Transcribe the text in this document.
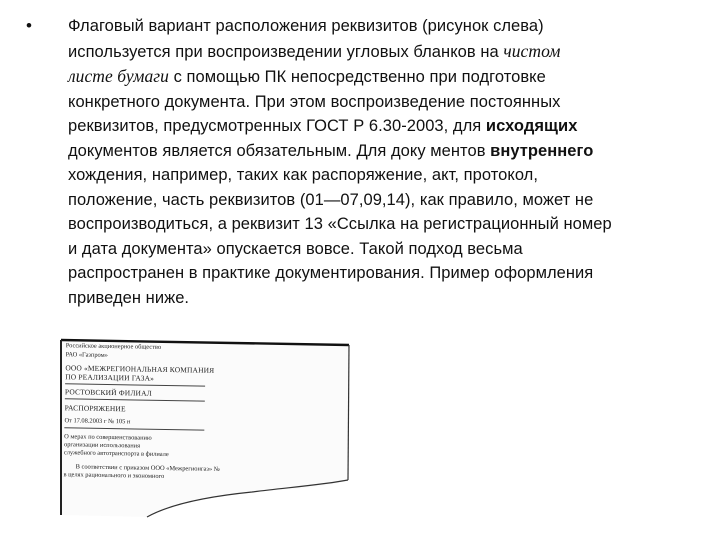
• Флаговый вариант расположения реквизитов (рисунок слева)
используется при воспроизведении угловых бланков на чистом
листе бумаги с помощью ПК непосредственно при подготовке
конкретного документа. При этом воспроизведение постоянных
реквизитов, предусмотренных ГОСТ Р 6.30-2003, для исходящих
документов является обязательным. Для доку ментов внутреннего
хождения, например, таких как распоряжение, акт, протокол,
положение, часть реквизитов (01—07,09,14), как правило, может не
воспроизводиться, а реквизит 13 «Ссылка на регистрационный номер
и дата документа» опускается вовсе. Такой подход весьма
распространен в практике документирования. Пример оформления
приведен ниже.
Российское акционерное общество
РАО «Газпром»
ООО «МЕЖРЕГИОНАЛЬНАЯ КОМПАНИЯ
ПО РЕАЛИЗАЦИИ ГАЗА»
РОСТОВСКИЙ ФИЛИАЛ
РАСПОРЯЖЕНИЕ
От 17.08.2003 г № 105 н
О мерах по совершенствованию
организации использования
служебного автотранспорта в филиале
В соответствии с приказом ООО «Межрегионгаз» №
в целях рационального и экономного
